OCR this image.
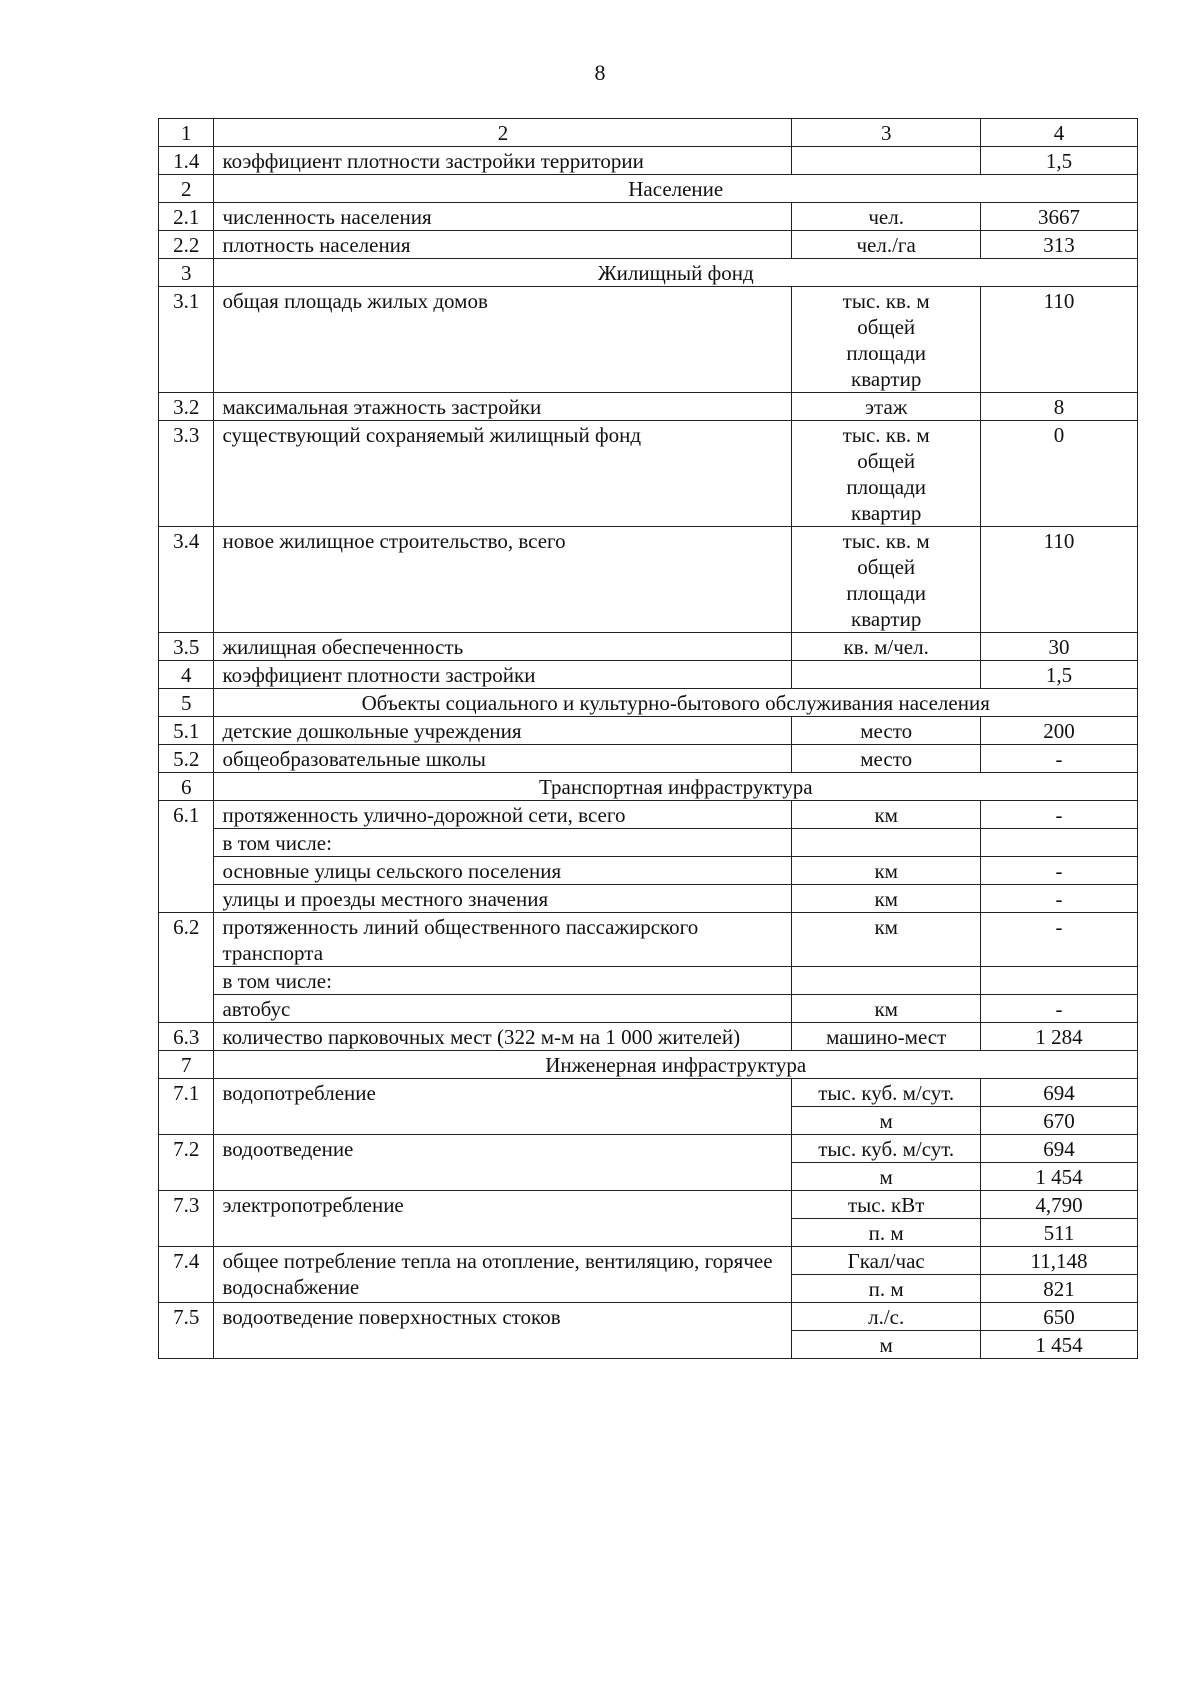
8
1	2	3	4
1.4	коэффициент плотности застройки территории		1,5
2	Население		
2.1	численность населения	чел.	3667
2.2	плотность населения	чел./га	313
3	Жилищный фонд		
3.1	общая площадь жилых домов	тыс. кв. м общей площади квартир	110
3.2	максимальная этажность застройки	этаж	8
3.3	существующий сохраняемый жилищный фонд	тыс. кв. м общей площади квартир	0
3.4	новое жилищное строительство, всего	тыс. кв. м общей площади квартир	110
3.5	жилищная обеспеченность	кв. м/чел.	30
4	коэффициент плотности застройки		1,5
5	Объекты социального и культурно-бытового обслуживания населения		
5.1	детские дошкольные учреждения	место	200
5.2	общеобразовательные школы	место	-
6	Транспортная инфраструктура		
6.1	протяженность улично-дорожной сети, всего	км	-
	в том числе:		
	основные улицы сельского поселения	км	-
	улицы и проезды местного значения	км	-
6.2	протяженность линий общественного пассажирского транспорта	км	-
	в том числе:		
	автобус	км	-
6.3	количество парковочных мест (322 м-м на 1 000 жителей)	машино-мест	1 284
7	Инженерная инфраструктура		
7.1	водопотребление	тыс. куб. м/сут.	694
		м	670
7.2	водоотведение	тыс. куб. м/сут.	694
		м	1 454
7.3	электропотребление	тыс. кВт	4,790
		п. м	511
7.4	общее потребление тепла на отопление, вентиляцию, горячее водоснабжение	Гкал/час	11,148
		п. м	821
7.5	водоотведение поверхностных стоков	л./с.	650
		м	1 454
